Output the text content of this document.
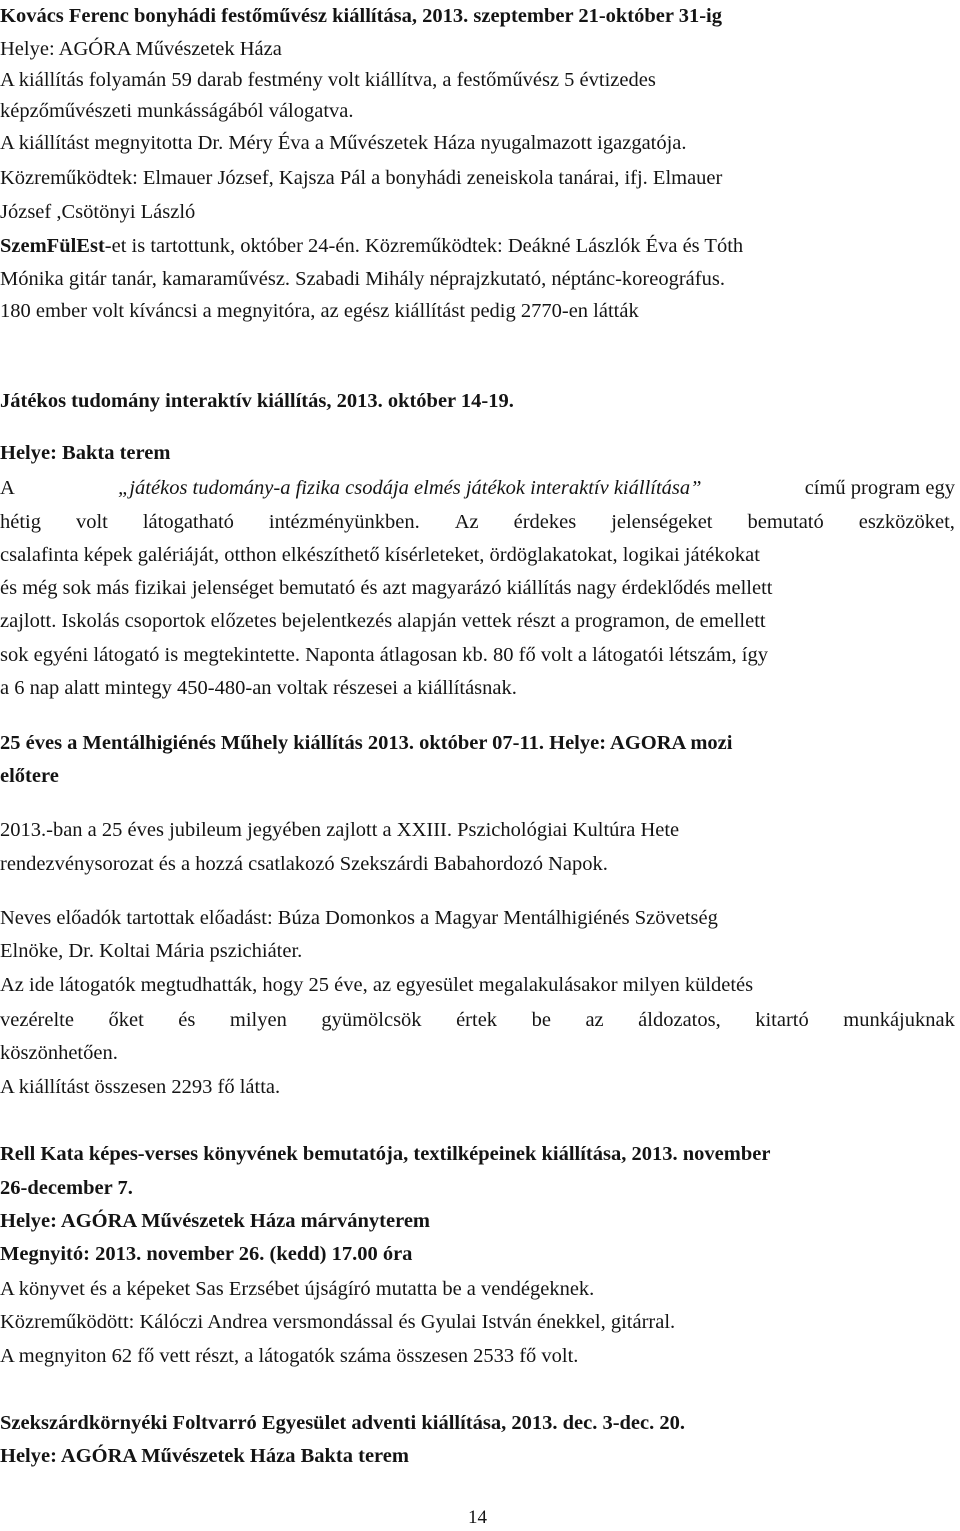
Kovács Ferenc bonyhádi festőművész kiállítása, 2013. szeptember 21-október 31-ig
Helye: AGÓRA Művészetek Háza
A kiállítás folyamán 59 darab festmény volt kiállítva, a festőművész 5 évtizedes
képzőművészeti munkásságából válogatva.
A kiállítást megnyitotta Dr. Méry Éva a Művészetek Háza nyugalmazott igazgatója.
Közreműködtek: Elmauer József, Kajsza Pál a bonyhádi zeneiskola tanárai, ifj. Elmauer
József ,Csötönyi László
SzemFülEst-et is tartottunk, október 24-én. Közreműködtek: Deákné Lászlók Éva és Tóth
Mónika gitár tanár, kamaraművész. Szabadi Mihály néprajzkutató, néptánc-koreográfus.
180 ember volt kíváncsi a megnyitóra, az egész kiállítást pedig 2770-en látták
Játékos tudomány interaktív kiállítás, 2013. október 14-19.
Helye: Bakta terem
A	„játékos tudomány-a fizika csodája elmés játékok interaktív kiállítása”	című program egy
hétig volt látogatható intézményünkben. Az érdekes jelenségeket bemutató eszközöket,
csalafinta képek galériáját, otthon elkészíthető kísérleteket, ördöglakatokat, logikai játékokat
és még sok más fizikai jelenséget bemutató és azt magyarázó kiállítás nagy érdeklődés mellett
zajlott. Iskolás csoportok előzetes bejelentkezés alapján vettek részt a programon, de emellett
sok egyéni látogató is megtekintette. Naponta átlagosan kb. 80 fő volt a látogatói létszám, így
a 6 nap alatt mintegy 450-480-an voltak részesei a kiállításnak.
25 éves a Mentálhigiénés Műhely kiállítás 2013. október 07-11. Helye: AGORA mozi
előtere
2013.-ban a 25 éves jubileum jegyében zajlott a XXIII. Pszichológiai Kultúra Hete
rendezvénysorozat és a hozzá csatlakozó Szekszárdi Babahordozó Napok.
Neves előadók tartottak előadást: Búza Domonkos a Magyar Mentálhigiénés Szövetség
Elnöke, Dr. Koltai Mária pszichiáter.
Az ide látogatók megtudhatták, hogy 25 éve, az egyesület megalakulásakor milyen küldetés
vezérelte őket és milyen gyümölcsök értek be az áldozatos, kitartó munkájuknak
köszönhetően.
A kiállítást összesen 2293 fő látta.
Rell Kata képes-verses könyvének bemutatója, textilképeinek kiállítása, 2013. november
26-december 7.
Helye: AGÓRA Művészetek Háza márványterem
Megnyitó: 2013. november 26. (kedd) 17.00 óra
A könyvet és a képeket Sas Erzsébet újságíró mutatta be a vendégeknek.
Közreműködött: Kálóczi Andrea versmondással és Gyulai István énekkel, gitárral.
A megnyiton 62 fő vett részt, a látogatók száma összesen 2533 fő volt.
Szekszárdkörnyéki Foltvarró Egyesület adventi kiállítása, 2013. dec. 3-dec. 20.
Helye: AGÓRA Művészetek Háza Bakta terem
14
